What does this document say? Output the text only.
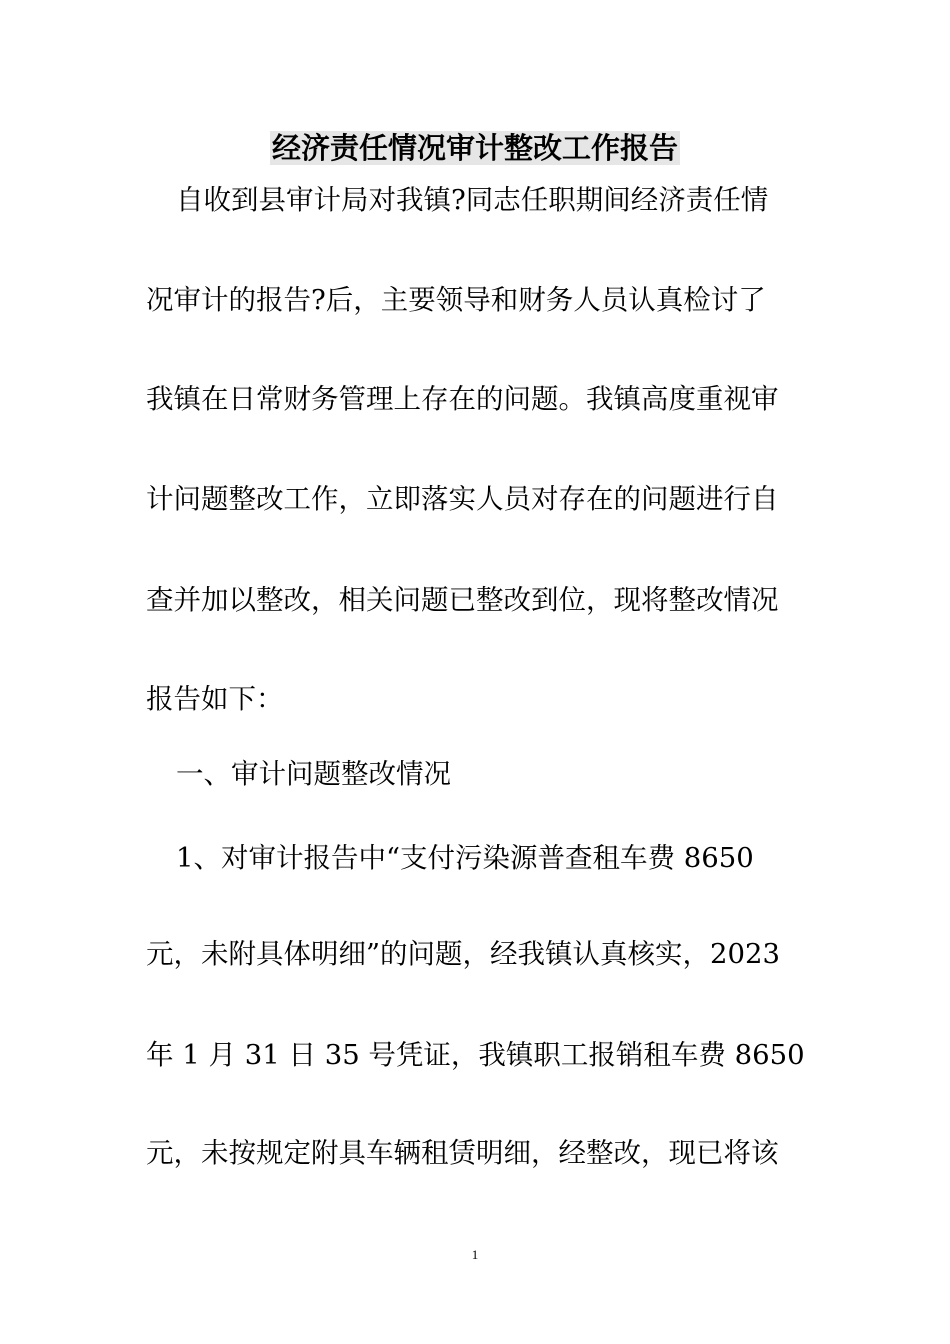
经济责任情况审计整改工作报告
自收到县审计局对我镇?同志任职期间经济责任情
况审计的报告?后，主要领导和财务人员认真检讨了
我镇在日常财务管理上存在的问题。我镇高度重视审
计问题整改工作，立即落实人员对存在的问题进行自
查并加以整改，相关问题已整改到位，现将整改情况
报告如下：
一、审计问题整改情况
1、对审计报告中“支付污染源普查租车费 8650
元，未附具体明细”的问题，经我镇认真核实，2023
年 1 月 31 日 35 号凭证，我镇职工报销租车费 8650
元，未按规定附具车辆租赁明细，经整改，现已将该
1
